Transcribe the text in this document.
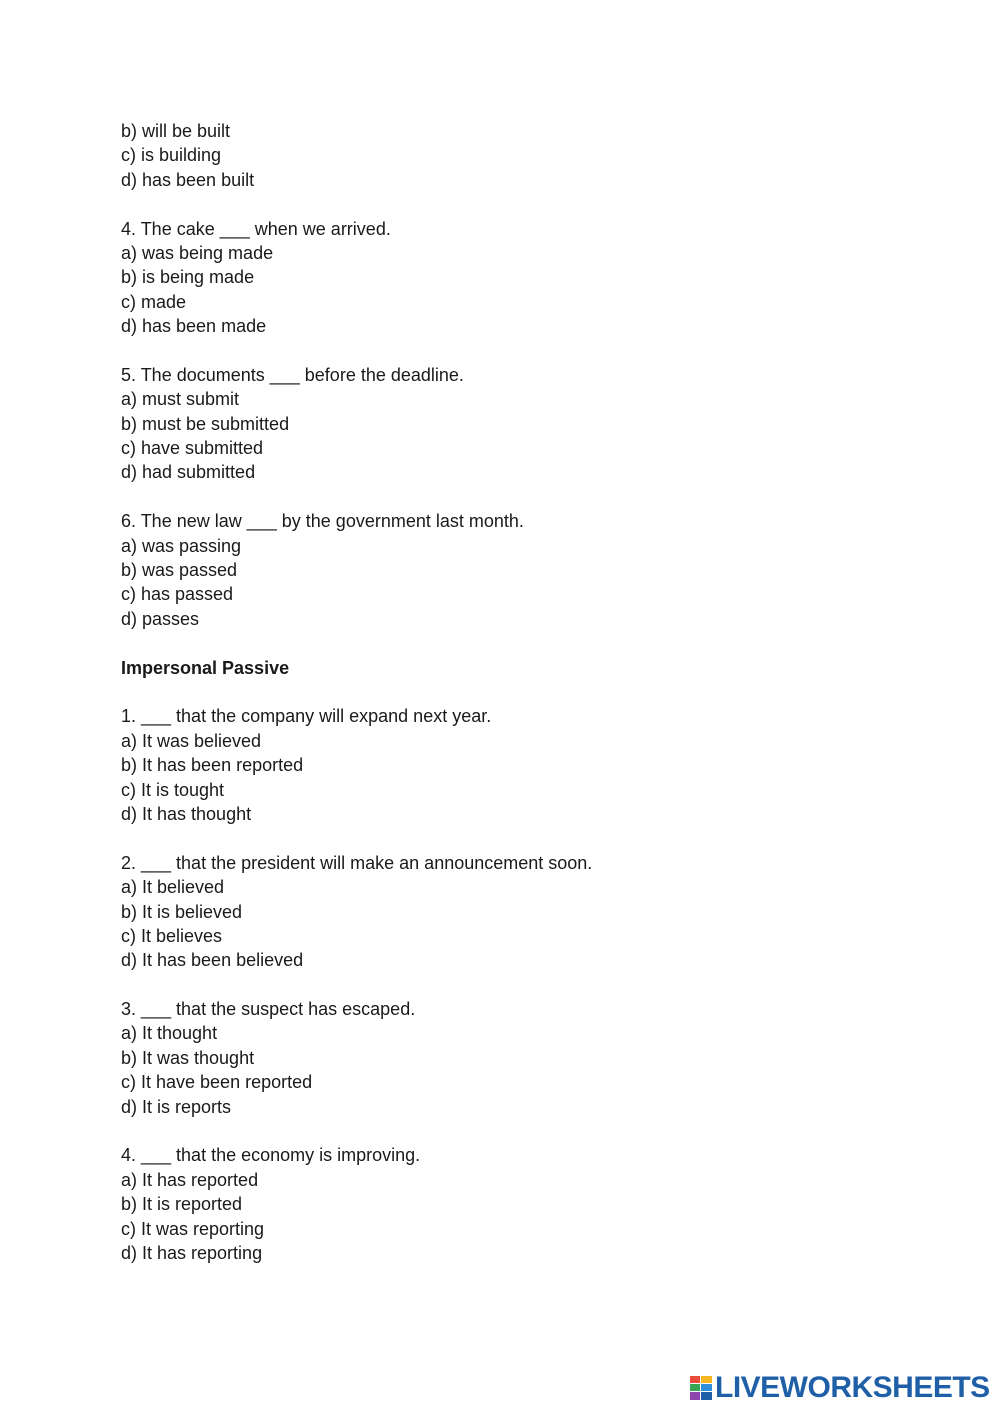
b) will be built
c) is building
d) has been built
4. The cake ___ when we arrived.
a) was being made
b) is being made
c) made
d) has been made
5. The documents ___ before the deadline.
a) must submit
b) must be submitted
c) have submitted
d) had submitted
6. The new law ___ by the government last month.
a) was passing
b) was passed
c) has passed
d) passes
Impersonal Passive
1. ___ that the company will expand next year.
a) It was believed
b) It has been reported
c) It is tought
d) It has thought
2. ___ that the president will make an announcement soon.
a) It believed
b) It is believed
c) It believes
d) It has been believed
3. ___ that the suspect has escaped.
a) It thought
b) It was thought
c) It have been reported
d) It is reports
4. ___ that the economy is improving.
a) It has reported
b) It is reported
c) It was reporting
d) It has reporting
LIVEWORKSHEETS
